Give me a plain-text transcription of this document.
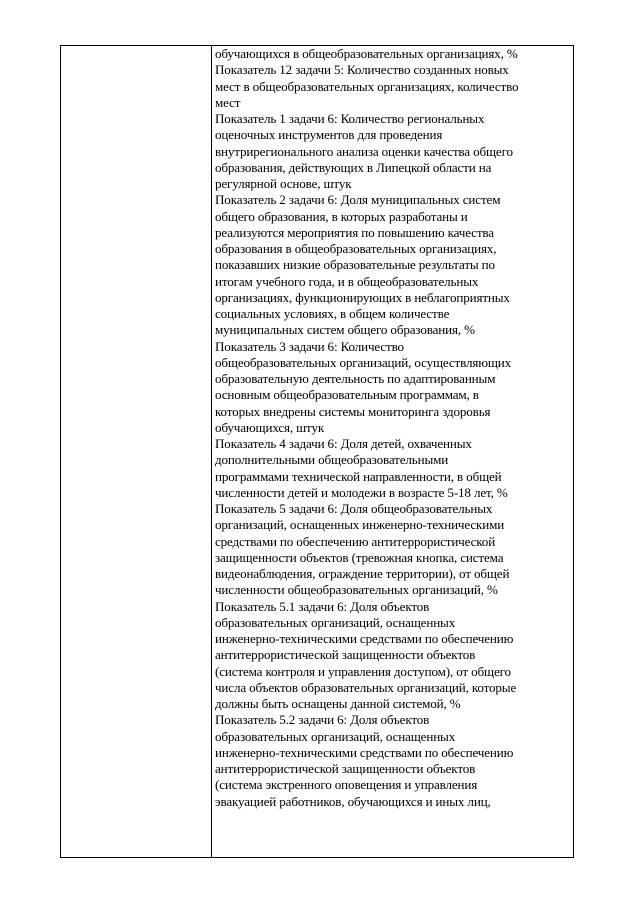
обучающихся в общеобразовательных организациях, %
Показатель 12 задачи 5: Количество созданных новых
мест в общеобразовательных организациях, количество
мест
Показатель 1 задачи 6: Количество региональных
оценочных инструментов для проведения
внутрирегионального анализа оценки качества общего
образования, действующих в Липецкой области на
регулярной основе, штук
Показатель 2 задачи 6: Доля муниципальных систем
общего образования, в которых разработаны и
реализуются мероприятия по повышению качества
образования в общеобразовательных организациях,
показавших низкие образовательные результаты по
итогам учебного года, и в общеобразовательных
организациях, функционирующих в неблагоприятных
социальных условиях, в общем количестве
муниципальных систем общего образования, %
Показатель 3 задачи 6: Количество
общеобразовательных организаций, осуществляющих
образовательную деятельность по адаптированным
основным общеобразовательным программам, в
которых внедрены системы мониторинга здоровья
обучающихся, штук
Показатель 4 задачи 6: Доля детей, охваченных
дополнительными общеобразовательными
программами технической направленности, в общей
численности детей и молодежи в возрасте 5-18 лет, %
Показатель 5 задачи 6: Доля общеобразовательных
организаций, оснащенных инженерно-техническими
средствами по обеспечению антитеррористической
защищенности объектов (тревожная кнопка, система
видеонаблюдения, ограждение территории), от общей
численности общеобразовательных организаций, %
Показатель 5.1 задачи 6: Доля объектов
образовательных организаций, оснащенных
инженерно-техническими средствами по обеспечению
антитеррористической защищенности объектов
(система контроля и управления доступом), от общего
числа объектов образовательных организаций, которые
должны быть оснащены данной системой, %
Показатель 5.2 задачи 6: Доля объектов
образовательных организаций, оснащенных
инженерно-техническими средствами по обеспечению
антитеррористической защищенности объектов
(система экстренного оповещения и управления
эвакуацией работников, обучающихся и иных лиц,
